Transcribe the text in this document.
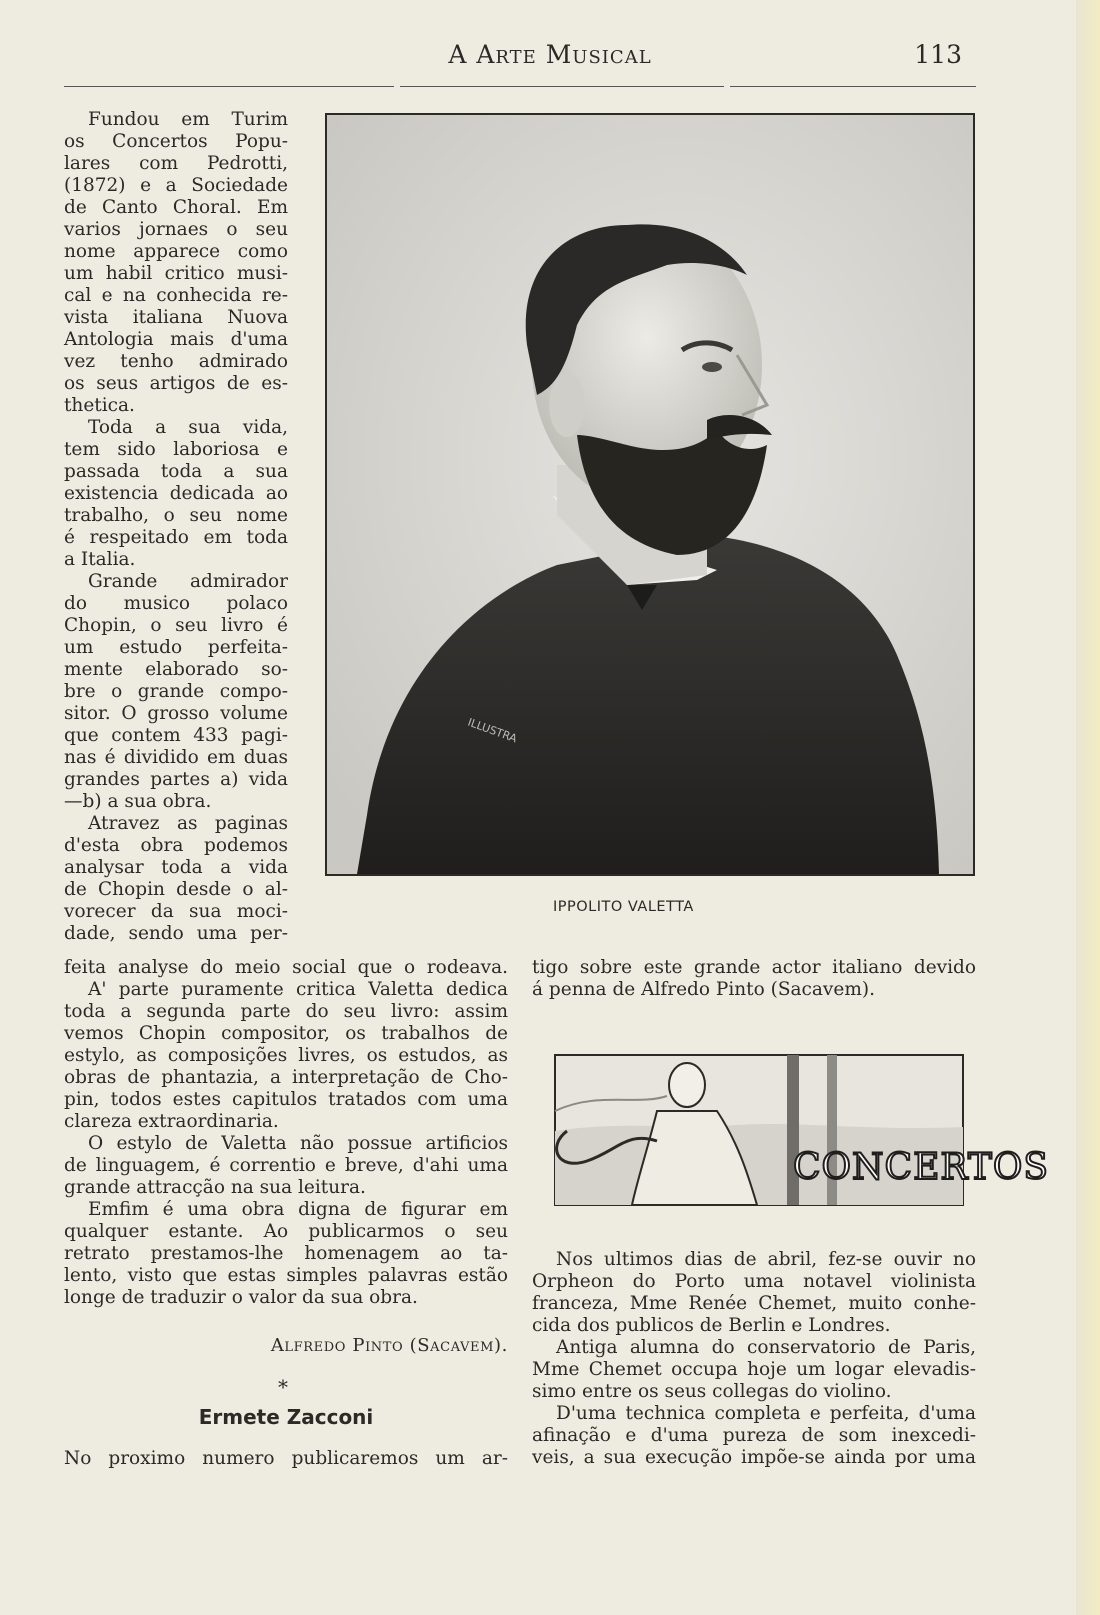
A Arte Musical	113
Fundou em Turim
os Concertos Popu-
lares com Pedrotti,
(1872) e a Sociedade
de Canto Choral. Em
varios jornaes o seu
nome apparece como
um habil critico musi-
cal e na conhecida re-
vista italiana Nuova
Antologia mais d'uma
vez tenho admirado
os seus artigos de es-
thetica.
Toda a sua vida,
tem sido laboriosa e
passada toda a sua
existencia dedicada ao
trabalho, o seu nome
é respeitado em toda
a Italia.
Grande admirador
do musico polaco
Chopin, o seu livro é
um estudo perfeita-
mente elaborado so-
bre o grande compo-
sitor. O grosso volume
que contem 433 pagi-
nas é dividido em duas
grandes partes a) vida
—b) a sua obra.
Atravez as paginas
d'esta obra podemos
analysar toda a vida
de Chopin desde o al-
vorecer da sua moci-
dade, sendo uma per-
ILLUSTRA
IPPOLITO VALETTA
feita analyse do meio social que o rodeava.
A' parte puramente critica Valetta dedica
toda a segunda parte do seu livro: assim
vemos Chopin compositor, os trabalhos de
estylo, as composições livres, os estudos, as
obras de phantazia, a interpretação de Cho-
pin, todos estes capitulos tratados com uma
clareza extraordinaria.
O estylo de Valetta não possue artificios
de linguagem, é correntio e breve, d'ahi uma
grande attracção na sua leitura.
Emfim é uma obra digna de figurar em
qualquer estante. Ao publicarmos o seu
retrato prestamos-lhe homenagem ao ta-
lento, visto que estas simples palavras estão
longe de traduzir o valor da sua obra.
Alfredo Pinto (Sacavem).
*
Ermete Zacconi
No proximo numero publicaremos um ar-
tigo sobre este grande actor italiano devido
á penna de Alfredo Pinto (Sacavem).
CONCERTOS
Nos ultimos dias de abril, fez-se ouvir no
Orpheon do Porto uma notavel violinista
franceza, Mme Renée Chemet, muito conhe-
cida dos publicos de Berlin e Londres.
Antiga alumna do conservatorio de Paris,
Mme Chemet occupa hoje um logar elevadis-
simo entre os seus collegas do violino.
D'uma technica completa e perfeita, d'uma
afinação e d'uma pureza de som inexcedi-
veis, a sua execução impõe-se ainda por uma
